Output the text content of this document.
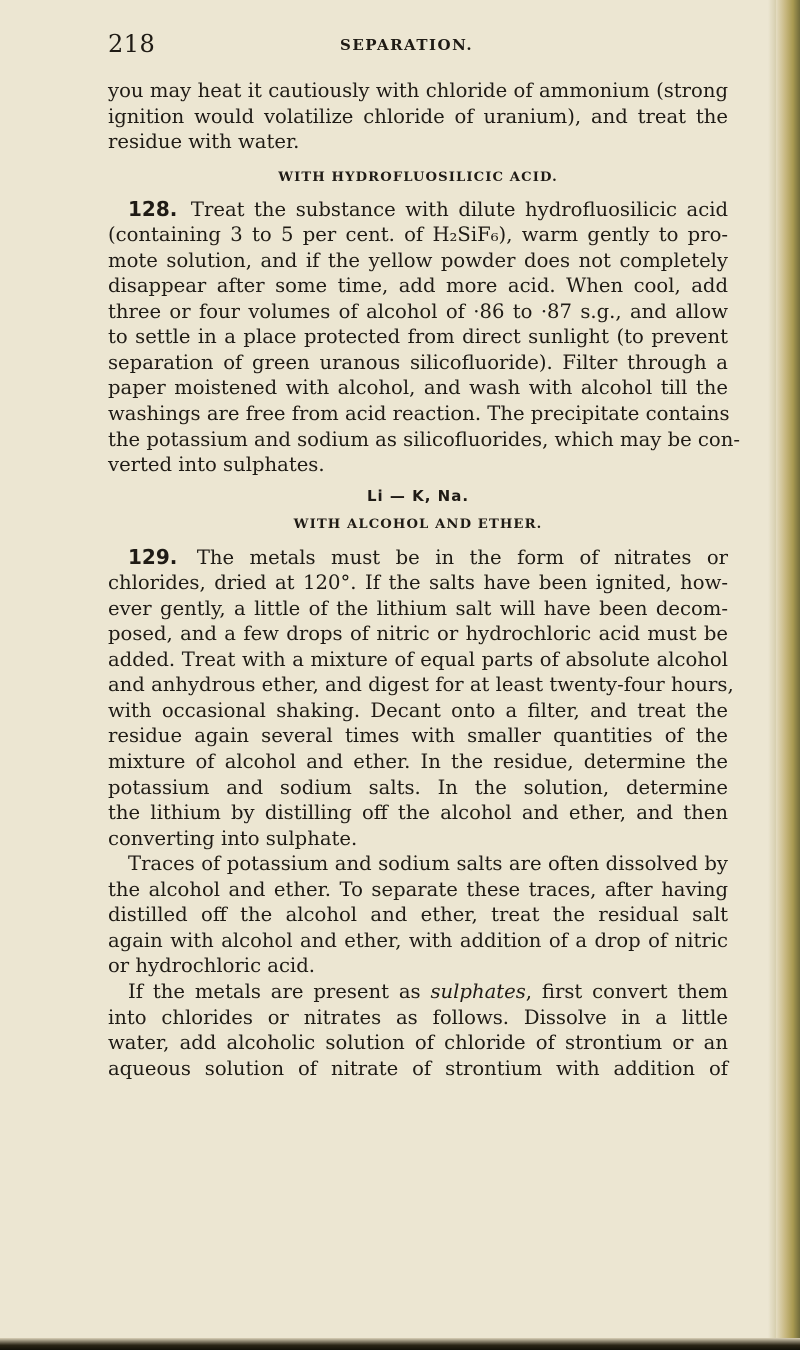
218	SEPARATION.

you may heat it cautiously with chloride of ammonium (strong
ignition would volatilize chloride of uranium), and treat the
residue with water.

WITH HYDROFLUOSILICIC ACID.

128. Treat the substance with dilute hydrofluosilicic acid
(containing 3 to 5 per cent. of H₂SiF₆), warm gently to pro-
mote solution, and if the yellow powder does not completely
disappear after some time, add more acid. When cool, add
three or four volumes of alcohol of ·86 to ·87 s.g., and allow
to settle in a place protected from direct sunlight (to prevent
separation of green uranous silicofluoride). Filter through a
paper moistened with alcohol, and wash with alcohol till the
washings are free from acid reaction. The precipitate contains
the potassium and sodium as silicofluorides, which may be con-
verted into sulphates.

Li — K, Na.

WITH ALCOHOL AND ETHER.

129. The metals must be in the form of nitrates or
chlorides, dried at 120°. If the salts have been ignited, how-
ever gently, a little of the lithium salt will have been decom-
posed, and a few drops of nitric or hydrochloric acid must be
added. Treat with a mixture of equal parts of absolute alcohol
and anhydrous ether, and digest for at least twenty-four hours,
with occasional shaking. Decant onto a filter, and treat the
residue again several times with smaller quantities of the
mixture of alcohol and ether. In the residue, determine the
potassium and sodium salts. In the solution, determine
the lithium by distilling off the alcohol and ether, and then
converting into sulphate.

Traces of potassium and sodium salts are often dissolved by
the alcohol and ether. To separate these traces, after having
distilled off the alcohol and ether, treat the residual salt
again with alcohol and ether, with addition of a drop of nitric
or hydrochloric acid.

If the metals are present as sulphates, first convert them
into chlorides or nitrates as follows. Dissolve in a little
water, add alcoholic solution of chloride of strontium or an
aqueous solution of nitrate of strontium with addition of
